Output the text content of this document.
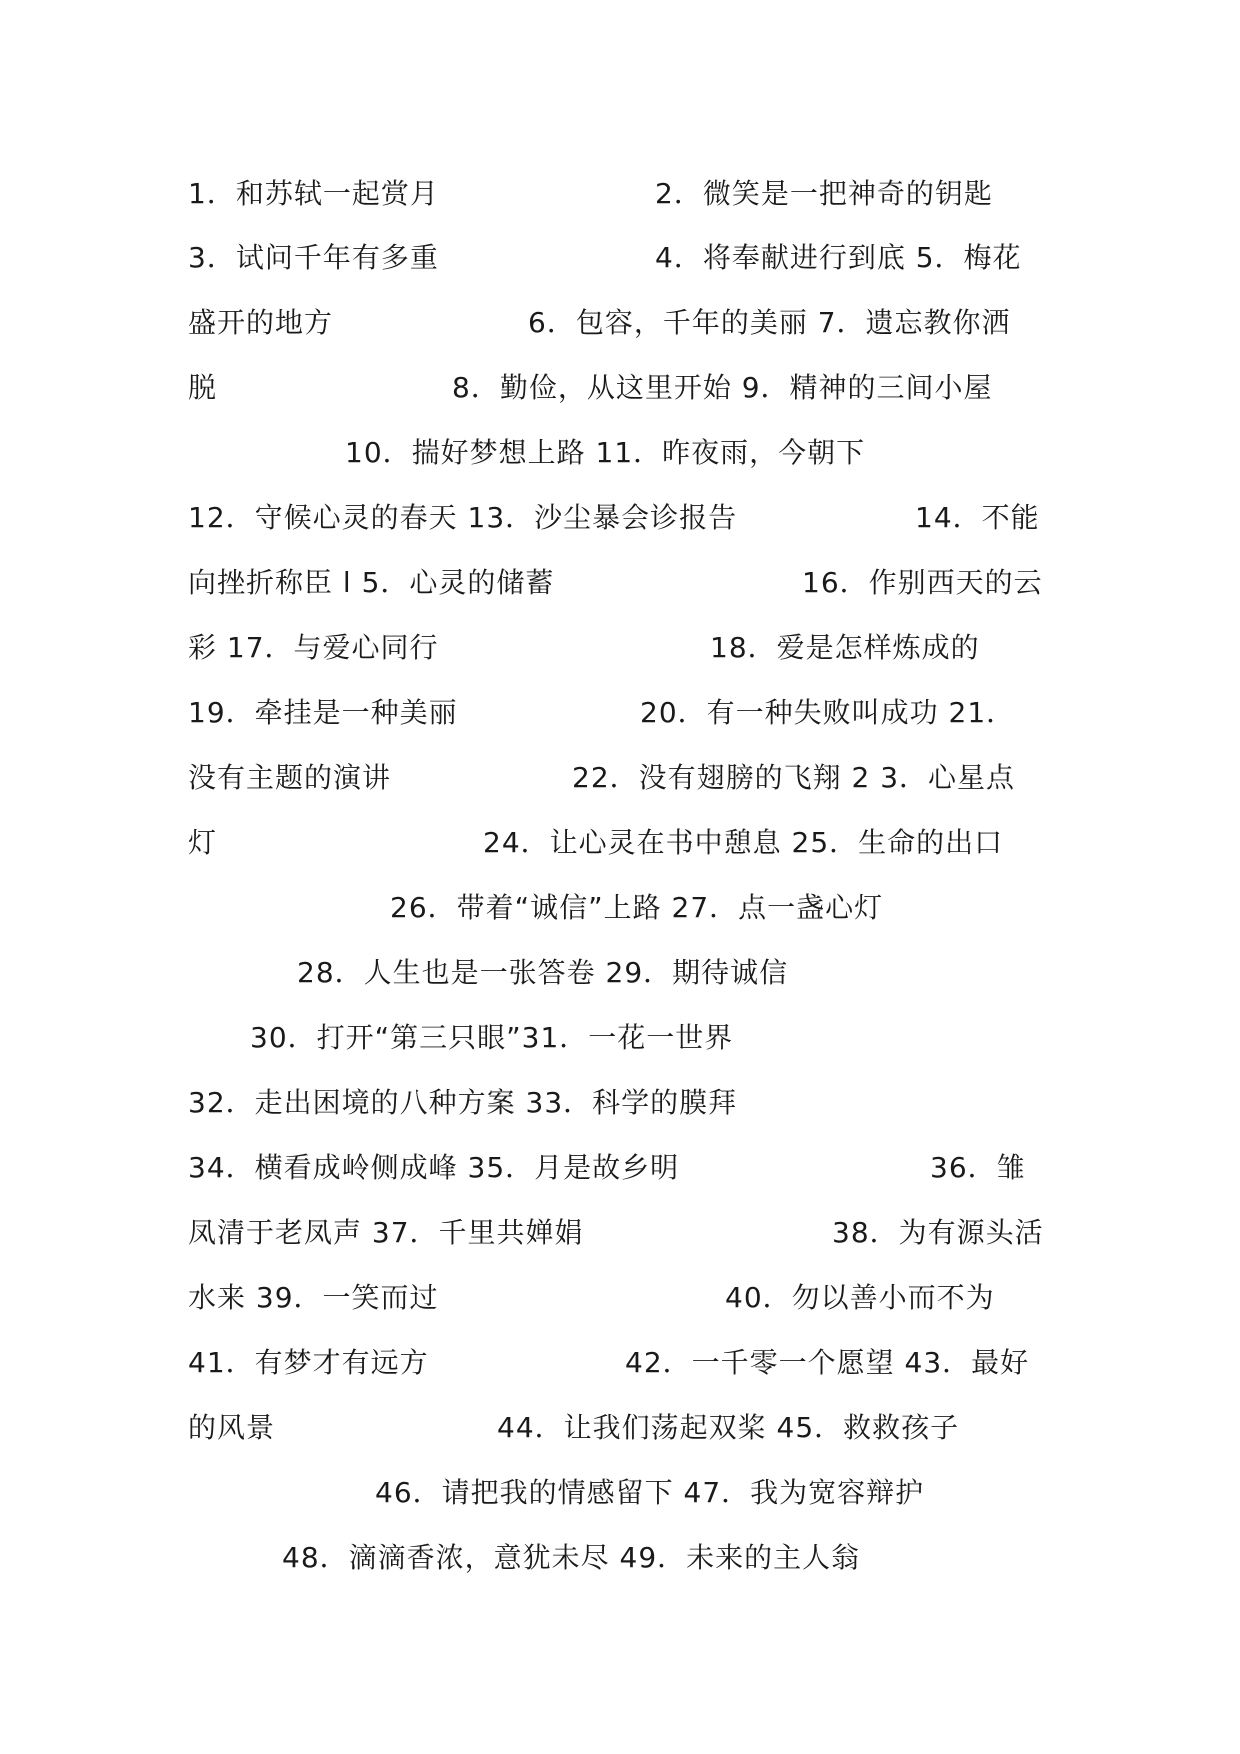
1．和苏轼一起赏月	2．微笑是一把神奇的钥匙
3．试问千年有多重	4．将奉献进行到底 5．梅花
盛开的地方	6．包容，千年的美丽 7．遗忘教你洒
脱	8．勤俭，从这里开始 9．精神的三间小屋
10．揣好梦想上路 11．昨夜雨，今朝下
12．守候心灵的春天 13．沙尘暴会诊报告	14．不能
向挫折称臣 l 5．心灵的储蓄	16．作别西天的云
彩 17．与爱心同行	18．爱是怎样炼成的
19．牵挂是一种美丽	20．有一种失败叫成功 21．
没有主题的演讲	22．没有翅膀的飞翔 2 3．心星点
灯	24．让心灵在书中憩息 25．生命的出口
26．带着“诚信”上路 27．点一盏心灯
28．人生也是一张答卷 29．期待诚信
30．打开“第三只眼”31．一花一世界
32．走出困境的八种方案 33．科学的膜拜
34．横看成岭侧成峰 35．月是故乡明	36．雏
凤清于老凤声 37．千里共婵娟	38．为有源头活
水来 39．一笑而过	40．勿以善小而不为
41．有梦才有远方	42．一千零一个愿望 43．最好
的风景	44．让我们荡起双桨 45．救救孩子
46．请把我的情感留下 47．我为宽容辩护
48．滴滴香浓，意犹未尽 49．未来的主人翁
